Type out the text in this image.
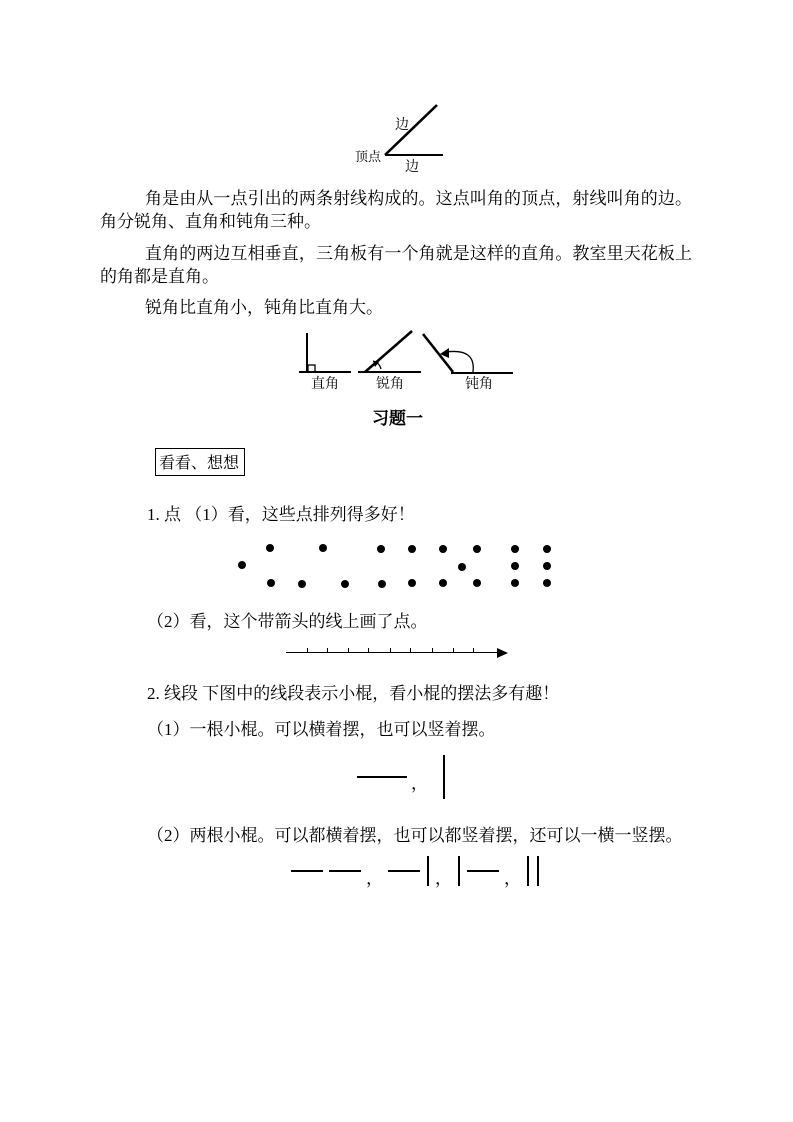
顶点
边
边
角是由从一点引出的两条射线构成的。这点叫角的顶点，射线叫角的边。角分锐角、直角和钝角三种。
直角的两边互相垂直，三角板有一个角就是这样的直角。教室里天花板上的角都是直角。
锐角比直角小，钝角比直角大。
直角	锐角	钝角
习题一
看看、想想
1. 点 （1）看，这些点排列得多好！
（2）看，这个带箭头的线上画了点。
2. 线段 下图中的线段表示小棍，看小棍的摆法多有趣！
（1）一根小棍。可以横着摆，也可以竖着摆。
，
（2）两根小棍。可以都横着摆，也可以都竖着摆，还可以一横一竖摆。
，	，	，
